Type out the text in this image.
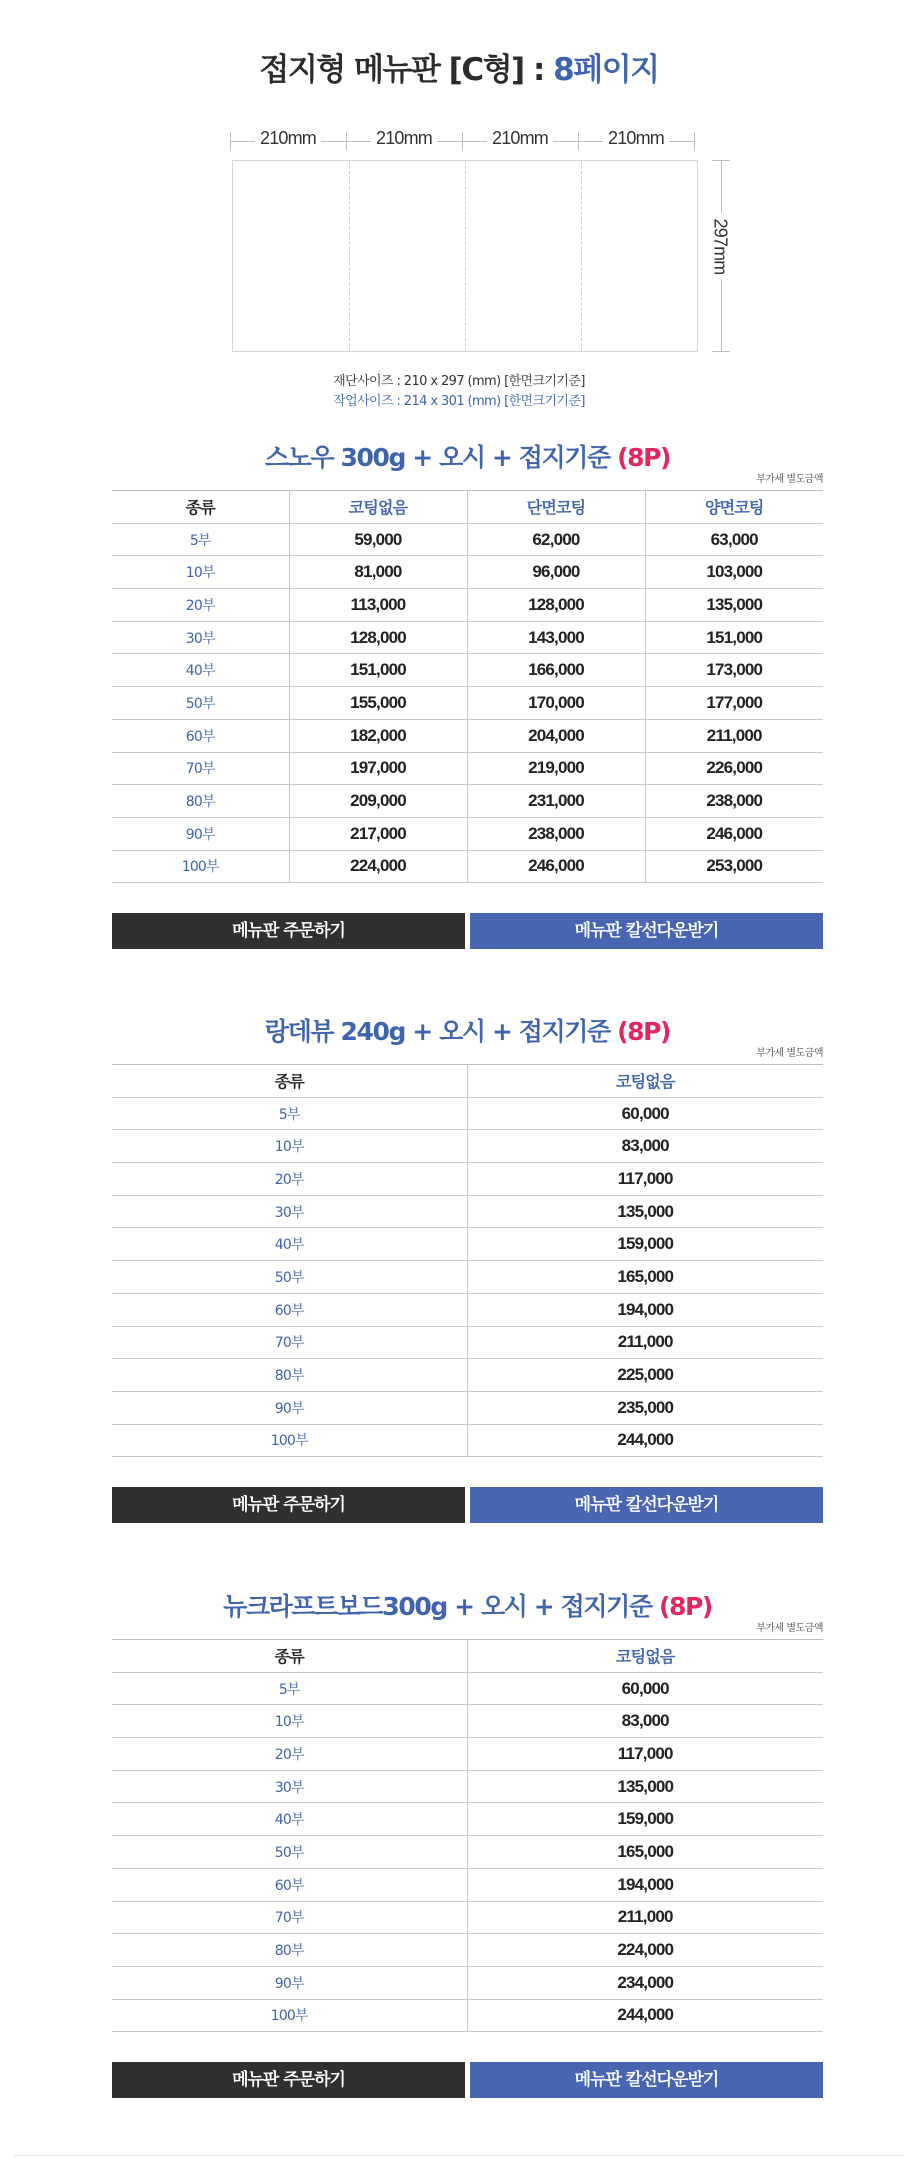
접지형 메뉴판 [C형] : 8페이지
210mm	210mm	210mm	210mm
297mm
재단사이즈 : 210 x 297 (mm) [한면크기기준]
작업사이즈 : 214 x 301 (mm) [한면크기기준]
스노우 300g + 오시 + 접지기준 (8P)
부가세 별도금액
종류	코팅없음	단면코팅	양면코팅
5부	59,000	62,000	63,000
10부	81,000	96,000	103,000
20부	113,000	128,000	135,000
30부	128,000	143,000	151,000
40부	151,000	166,000	173,000
50부	155,000	170,000	177,000
60부	182,000	204,000	211,000
70부	197,000	219,000	226,000
80부	209,000	231,000	238,000
90부	217,000	238,000	246,000
100부	224,000	246,000	253,000
메뉴판 주문하기	메뉴판 칼선다운받기
랑데뷰 240g + 오시 + 접지기준 (8P)
부가세 별도금액
종류	코팅없음
5부	60,000
10부	83,000
20부	117,000
30부	135,000
40부	159,000
50부	165,000
60부	194,000
70부	211,000
80부	225,000
90부	235,000
100부	244,000
메뉴판 주문하기	메뉴판 칼선다운받기
뉴크라프트보드300g + 오시 + 접지기준 (8P)
부가세 별도금액
종류	코팅없음
5부	60,000
10부	83,000
20부	117,000
30부	135,000
40부	159,000
50부	165,000
60부	194,000
70부	211,000
80부	224,000
90부	234,000
100부	244,000
메뉴판 주문하기	메뉴판 칼선다운받기
